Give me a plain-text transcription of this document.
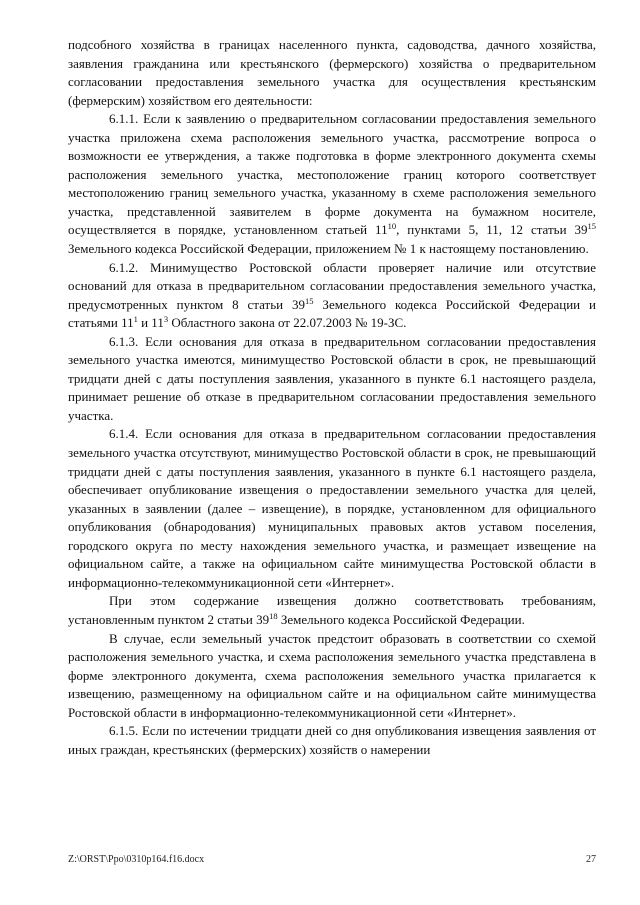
подсобного хозяйства в границах населенного пункта, садоводства, дачного хозяйства, заявления гражданина или крестьянского (фермерского) хозяйства о предварительном согласовании предоставления земельного участка для осуществления крестьянским (фермерским) хозяйством его деятельности:

6.1.1. Если к заявлению о предварительном согласовании предоставления земельного участка приложена схема расположения земельного участка, рассмотрение вопроса о возможности ее утверждения, а также подготовка в форме электронного документа схемы расположения земельного участка, местоположение границ которого соответствует местоположению границ земельного участка, указанному в схеме расположения земельного участка, представленной заявителем в форме документа на бумажном носителе, осуществляется в порядке, установленном статьей $11^{10}$, пунктами 5, 11, 12 статьи $39^{15}$ Земельного кодекса Российской Федерации, приложением № 1 к настоящему постановлению.

6.1.2. Минимущество Ростовской области проверяет наличие или отсутствие оснований для отказа в предварительном согласовании предоставления земельного участка, предусмотренных пунктом 8 статьи $39^{15}$ Земельного кодекса Российской Федерации и статьями $11^1$ и $11^3$ Областного закона от 22.07.2003 № 19-ЗС.

6.1.3. Если основания для отказа в предварительном согласовании предоставления земельного участка имеются, минимущество Ростовской области в срок, не превышающий тридцати дней с даты поступления заявления, указанного в пункте 6.1 настоящего раздела, принимает решение об отказе в предварительном согласовании предоставления земельного участка.

6.1.4. Если основания для отказа в предварительном согласовании предоставления земельного участка отсутствуют, минимущество Ростовской области в срок, не превышающий тридцати дней с даты поступления заявления, указанного в пункте 6.1 настоящего раздела, обеспечивает опубликование извещения о предоставлении земельного участка для целей, указанных в заявлении (далее – извещение), в порядке, установленном для официального опубликования (обнародования) муниципальных правовых актов уставом поселения, городского округа по месту нахождения земельного участка, и размещает извещение на официальном сайте, а также на официальном сайте минимущества Ростовской области в информационно-телекоммуникационной сети «Интернет».

При этом содержание извещения должно соответствовать требованиям, установленным пунктом 2 статьи $39^{18}$ Земельного кодекса Российской Федерации.

В случае, если земельный участок предстоит образовать в соответствии со схемой расположения земельного участка, и схема расположения земельного участка представлена в форме электронного документа, схема расположения земельного участка прилагается к извещению, размещенному на официальном сайте и на официальном сайте минимущества Ростовской области в информационно-телекоммуникационной сети «Интернет».

6.1.5. Если по истечении тридцати дней со дня опубликования извещения заявления от иных граждан, крестьянских (фермерских) хозяйств о намерении

Z:\ORST\Ppo\0310p164.f16.docx	27
